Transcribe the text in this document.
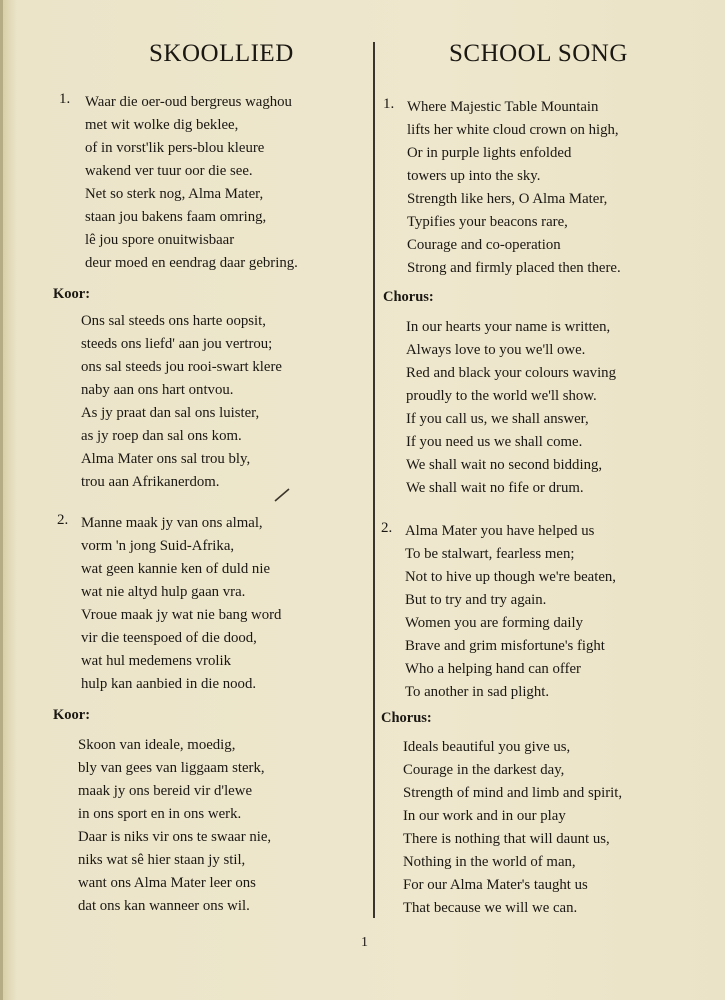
SKOOLLIED
1. Waar die oer-oud bergreus waghou
met wit wolke dig beklee,
of in vorst'lik pers-blou kleure
wakend ver tuur oor die see.
Net so sterk nog, Alma Mater,
staan jou bakens faam omring,
lê jou spore onuitwisbaar
deur moed en eendrag daar gebring.
Koor:
Ons sal steeds ons harte oopsit,
steeds ons liefd' aan jou vertrou;
ons sal steeds jou rooi-swart klere
naby aan ons hart ontvou.
As jy praat dan sal ons luister,
as jy roep dan sal ons kom.
Alma Mater ons sal trou bly,
trou aan Afrikanerdom.
2. Manne maak jy van ons almal,
vorm 'n jong Suid-Afrika,
wat geen kannie ken of duld nie
wat nie altyd hulp gaan vra.
Vroue maak jy wat nie bang word
vir die teenspoed of die dood,
wat hul medemens vrolik
hulp kan aanbied in die nood.
Koor:
Skoon van ideale, moedig,
bly van gees van liggaam sterk,
maak jy ons bereid vir d'lewe
in ons sport en in ons werk.
Daar is niks vir ons te swaar nie,
niks wat sê hier staan jy stil,
want ons Alma Mater leer ons
dat ons kan wanneer ons wil.
SCHOOL SONG
1. Where Majestic Table Mountain
lifts her white cloud crown on high,
Or in purple lights enfolded
towers up into the sky.
Strength like hers, O Alma Mater,
Typifies your beacons rare,
Courage and co-operation
Strong and firmly placed then there.
Chorus:
In our hearts your name is written,
Always love to you we'll owe.
Red and black your colours waving
proudly to the world we'll show.
If you call us, we shall answer,
If you need us we shall come.
We shall wait no second bidding,
We shall wait no fife or drum.
2. Alma Mater you have helped us
To be stalwart, fearless men;
Not to hive up though we're beaten,
But to try and try again.
Women you are forming daily
Brave and grim misfortune's fight
Who a helping hand can offer
To another in sad plight.
Chorus:
Ideals beautiful you give us,
Courage in the darkest day,
Strength of mind and limb and spirit,
In our work and in our play
There is nothing that will daunt us,
Nothing in the world of man,
For our Alma Mater's taught us
That because we will we can.
1
